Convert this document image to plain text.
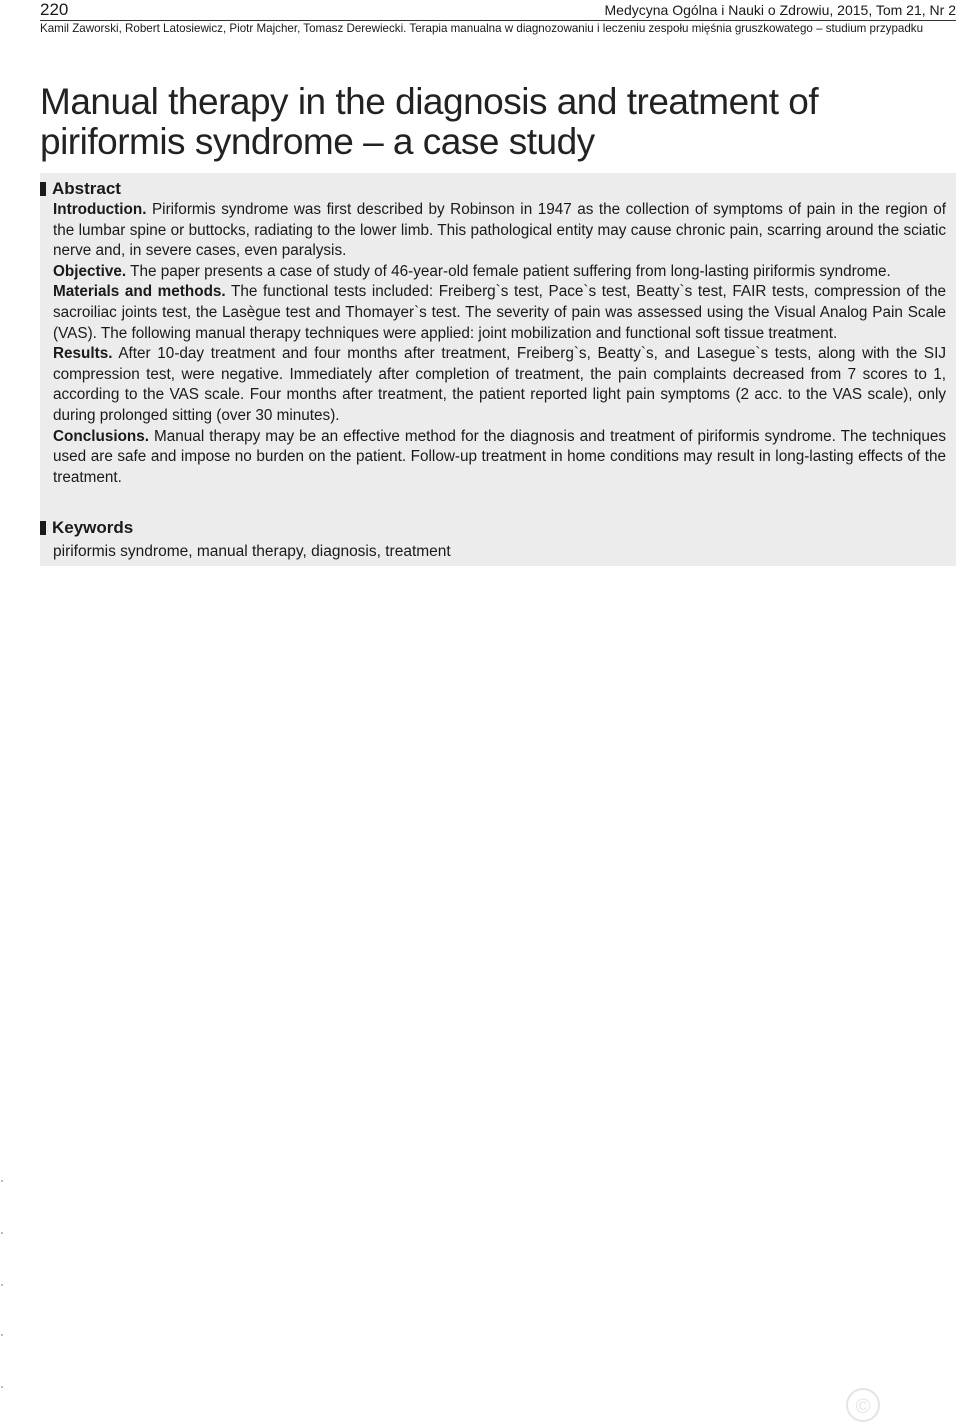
220	Medycyna Ogólna i Nauki o Zdrowiu, 2015, Tom 21, Nr 2
Kamil Zaworski, Robert Latosiewicz, Piotr Majcher, Tomasz Derewiecki. Terapia manualna w diagnozowaniu i leczeniu zespołu mięśnia gruszkowatego – studium przypadku
Manual therapy in the diagnosis and treatment of piriformis syndrome – a case study
Abstract

Introduction. Piriformis syndrome was first described by Robinson in 1947 as the collection of symptoms of pain in the region of the lumbar spine or buttocks, radiating to the lower limb. This pathological entity may cause chronic pain, scarring around the sciatic nerve and, in severe cases, even paralysis.

Objective. The paper presents a case of study of 46-year-old female patient suffering from long-lasting piriformis syndrome.

Materials and methods. The functional tests included: Freiberg`s test, Pace`s test, Beatty`s test, FAIR tests, compression of the sacroiliac joints test, the Lasègue test and Thomayer`s test. The severity of pain was assessed using the Visual Analog Pain Scale (VAS). The following manual therapy techniques were applied: joint mobilization and functional soft tissue treatment.

Results. After 10-day treatment and four months after treatment, Freiberg`s, Beatty`s, and Lasegue`s tests, along with the SIJ compression test, were negative. Immediately after completion of treatment, the pain complaints decreased from 7 scores to 1, according to the VAS scale. Four months after treatment, the patient reported light pain symptoms (2 acc. to the VAS scale), only during prolonged sitting (over 30 minutes).

Conclusions. Manual therapy may be an effective method for the diagnosis and treatment of piriformis syndrome. The techniques used are safe and impose no burden on the patient. Follow-up treatment in home conditions may result in long-lasting effects of the treatment.

Keywords
piriformis syndrome, manual therapy, diagnosis, treatment
©
